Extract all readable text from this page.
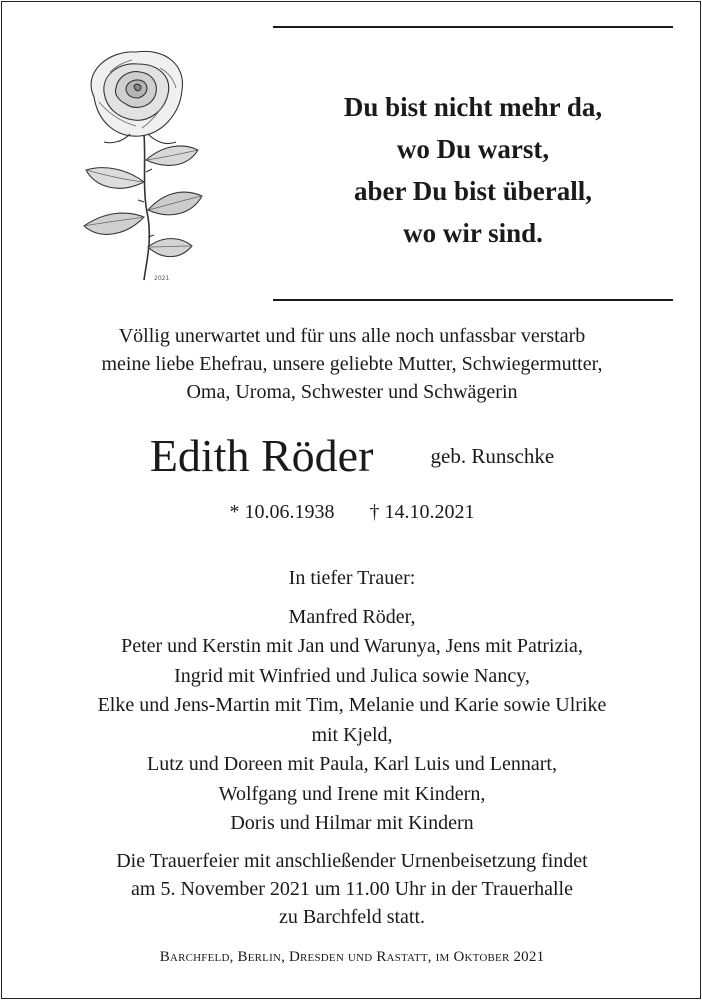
2021
Du bist nicht mehr da,
wo Du warst,
aber Du bist überall,
wo wir sind.
Völlig unerwartet und für uns alle noch unfassbar verstarb
meine liebe Ehefrau, unsere geliebte Mutter, Schwiegermutter,
Oma, Uroma, Schwester und Schwägerin
Edith Röder	geb. Runschke
* 10.06.1938 † 14.10.2021
In tiefer Trauer:
Manfred Röder,
Peter und Kerstin mit Jan und Warunya, Jens mit Patrizia,
Ingrid mit Winfried und Julica sowie Nancy,
Elke und Jens-Martin mit Tim, Melanie und Karie sowie Ulrike
mit Kjeld,
Lutz und Doreen mit Paula, Karl Luis und Lennart,
Wolfgang und Irene mit Kindern,
Doris und Hilmar mit Kindern
Die Trauerfeier mit anschließender Urnenbeisetzung findet
am 5. November 2021 um 11.00 Uhr in der Trauerhalle
zu Barchfeld statt.
Barchfeld, Berlin, Dresden und Rastatt, im Oktober 2021
